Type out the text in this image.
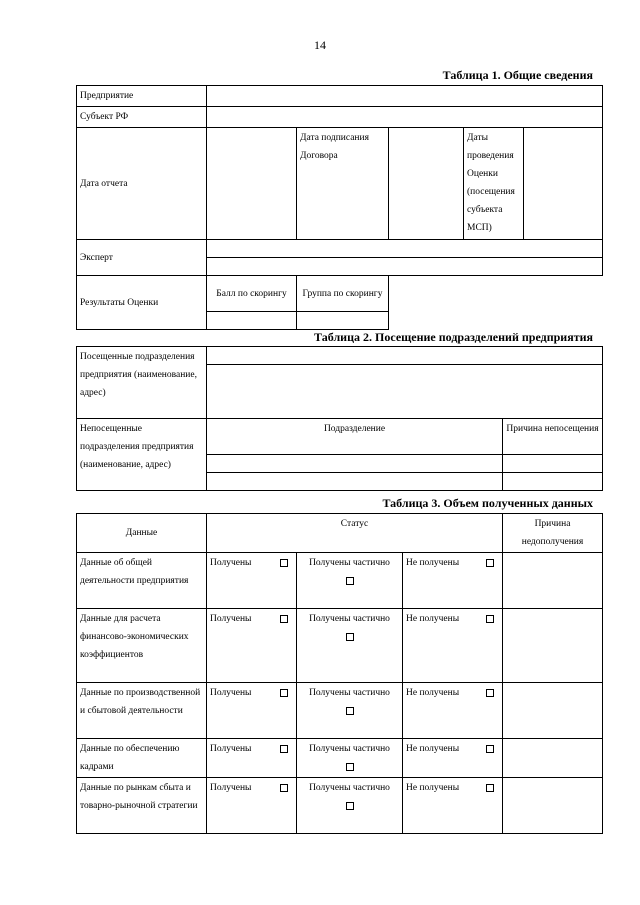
14
Таблица 1. Общие сведения
Предприятие					
Субъект РФ					
Дата отчета		Дата подписания Договора		Даты проведения Оценки (посещения субъекта МСП)	
Эксперт					

Результаты Оценки	Балл по скорингу	Группа по скорингу			

Таблица 2. Посещение подразделений предприятия
Посещенные подразделения предприятия (наименование, адрес)		

Непосещенные подразделения предприятия (наименование, адрес)	Подразделение	Причина непосещения

Таблица 3. Объем полученных данных
Данные	Статус			Причина недополучения
Данные об общей деятельности предприятия	Получены	Получены частично	Не получены

Данные для расчета финансово-экономических коэффициентов	Получены	Получены частично	Не получены

Данные по производственной и сбытовой деятельности	Получены	Получены частично	Не получены

Данные по обеспечению кадрами	Получены	Получены частично	Не получены

Данные по рынкам сбыта и товарно-рыночной стратегии	Получены	Получены частично	Не получены
